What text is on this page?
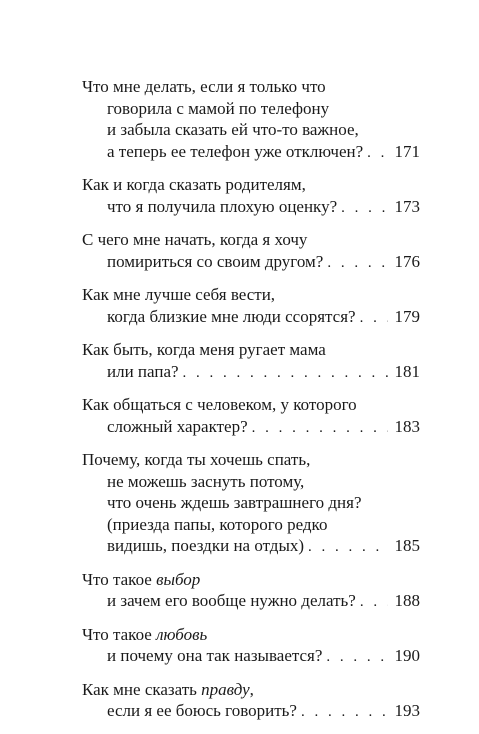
Что мне делать, если я только что
говорила с мамой по телефону
и забыла сказать ей что-то важное,
а теперь ее телефон уже отключен? . . . 171
Как и когда сказать родителям,
что я получила плохую оценку? . . .	173
С чего мне начать, когда я хочу
помириться со своим другом? . . .	176
Как мне лучше себя вести,
когда близкие мне люди ссорятся? . . . 179
Как быть, когда меня ругает мама
или папа? . . .	181
Как общаться с человеком, у которого
сложный характер? . . .	183
Почему, когда ты хочешь спать,
не можешь заснуть потому,
что очень ждешь завтрашнего дня?
(приезда папы, которого редко
видишь, поездки на отдых) . . .	185
Что такое выбор
и зачем его вообще нужно делать? . . . 188
Что такое любовь
и почему она так называется? . . .	190
Как мне сказать правду,
если я ее боюсь говорить? . . .	193
